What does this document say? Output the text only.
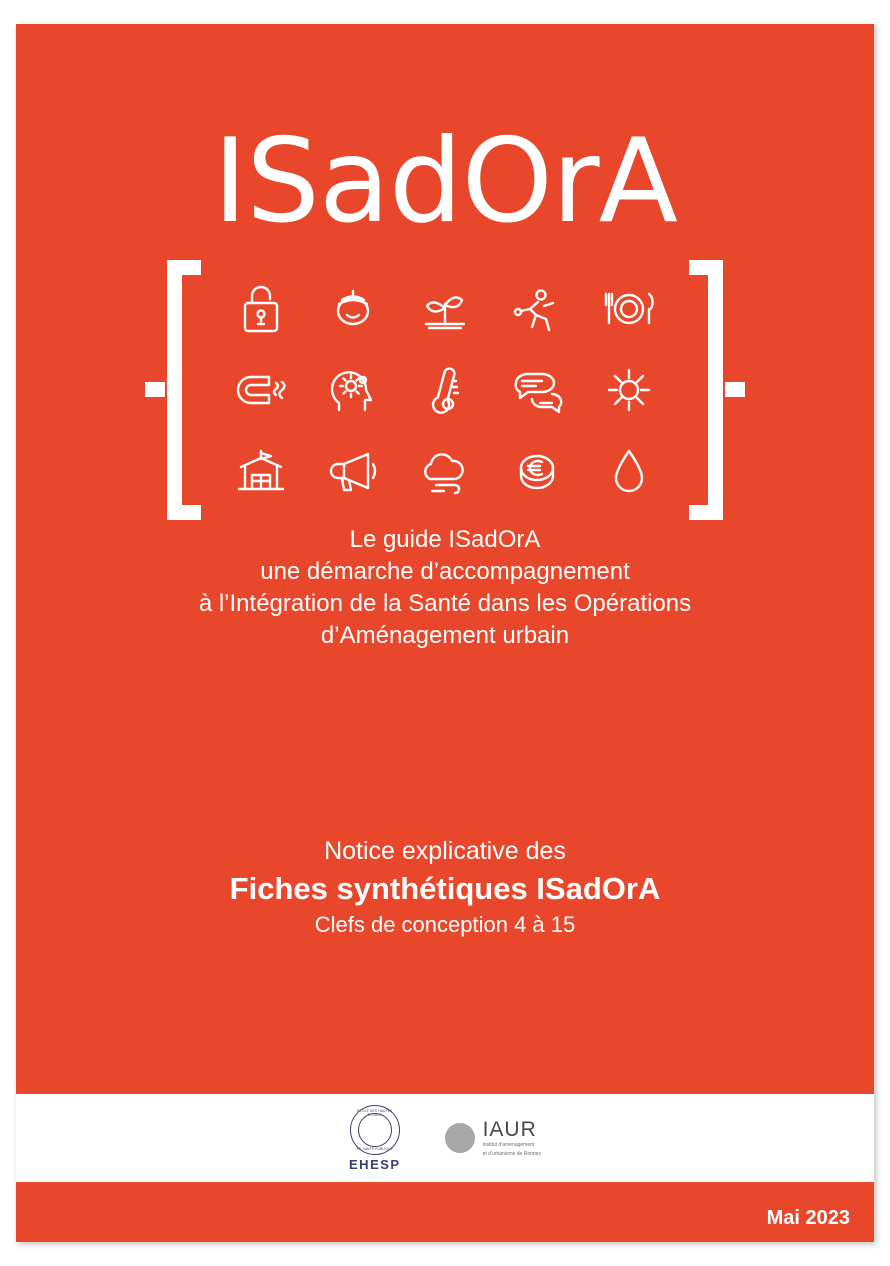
ISadOrA
Le guide ISadOrA
une démarche d’accompagnement
à l’Intégration de la Santé dans les Opérations
d’Aménagement urbain
Notice explicative des
Fiches synthétiques ISadOrA
Clefs de conception 4 à 15
ÉCOLE DES HAUTES ÉTUDES
EN SANTÉ PUBLIQUE
EHESP
IAUR
institut d’aménagement
et d’urbanisme de Rennes
Mai 2023
